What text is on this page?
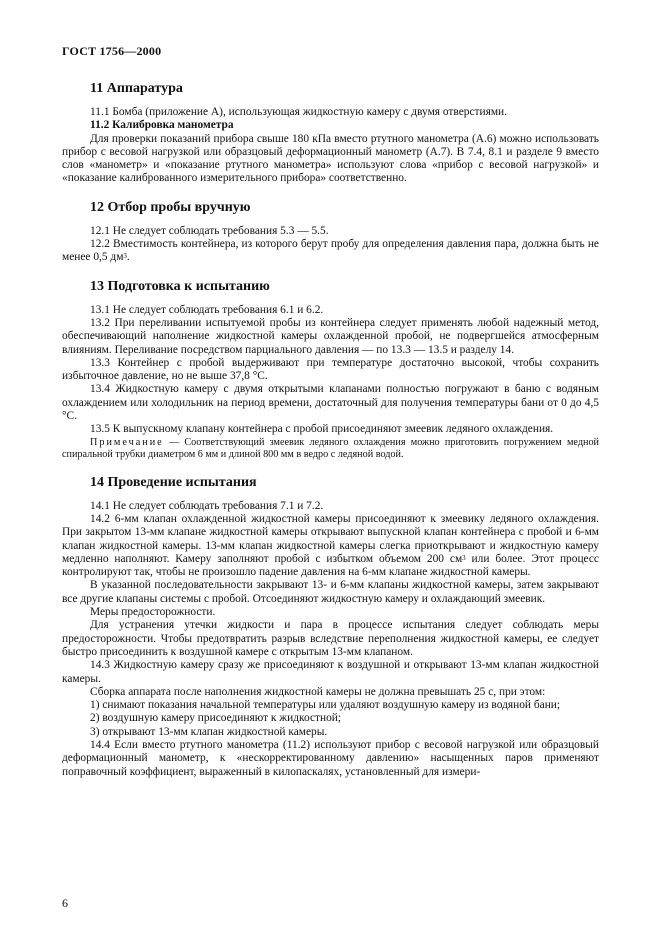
ГОСТ 1756—2000
11 Аппаратура

11.1 Бомба (приложение А), использующая жидкостную камеру с двумя отверстиями.

11.2 Калибровка манометра

Для проверки показаний прибора свыше 180 кПа вместо ртутного манометра (А.6) можно использовать прибор с весовой нагрузкой или образцовый деформационный манометр (А.7). В 7.4, 8.1 и разделе 9 вместо слов «манометр» и «показание ртутного манометра» используют слова «прибор с весовой нагрузкой» и «показание калиброванного измерительного прибора» соответственно.

12 Отбор пробы вручную

12.1 Не следует соблюдать требования 5.3 — 5.5.

12.2 Вместимость контейнера, из которого берут пробу для определения давления пара, должна быть не менее 0,5 $дм^3$.

13 Подготовка к испытанию

13.1 Не следует соблюдать требования 6.1 и 6.2.

13.2 При переливании испытуемой пробы из контейнера следует применять любой надежный метод, обеспечивающий наполнение жидкостной камеры охлажденной пробой, не подвергшейся атмосферным влияниям. Переливание посредством парциального давления — по 13.3 — 13.5 и разделу 14.

13.3 Контейнер с пробой выдерживают при температуре достаточно высокой, чтобы сохранить избыточное давление, но не выше 37,8 °С.

13.4 Жидкостную камеру с двумя открытыми клапанами полностью погружают в баню с водяным охлаждением или холодильник на период времени, достаточный для получения температуры бани от 0 до 4,5 °С.

13.5 К выпускному клапану контейнера с пробой присоединяют змеевик ледяного охлаждения.

Примечание — Соответствующий змеевик ледяного охлаждения можно приготовить погружением медной спиральной трубки диаметром 6 мм и длиной 800 мм в ведро с ледяной водой.

14 Проведение испытания

14.1 Не следует соблюдать требования 7.1 и 7.2.

14.2 6-мм клапан охлажденной жидкостной камеры присоединяют к змеевику ледяного охлаждения. При закрытом 13-мм клапане жидкостной камеры открывают выпускной клапан контейнера с пробой и 6-мм клапан жидкостной камеры. 13-мм клапан жидкостной камеры слегка приоткрывают и жидкостную камеру медленно наполняют. Камеру заполняют пробой с избытком объемом 200 $см^3$ или более. Этот процесс контролируют так, чтобы не произошло падение давления на 6-мм клапане жидкостной камеры.

В указанной последовательности закрывают 13- и 6-мм клапаны жидкостной камеры, затем закрывают все другие клапаны системы с пробой. Отсоединяют жидкостную камеру и охлаждающий змеевик.

Меры предосторожности.

Для устранения утечки жидкости и пара в процессе испытания следует соблюдать меры предосторожности. Чтобы предотвратить разрыв вследствие переполнения жидкостной камеры, ее следует быстро присоединить к воздушной камере с открытым 13-мм клапаном.

14.3 Жидкостную камеру сразу же присоединяют к воздушной и открывают 13-мм клапан жидкостной камеры.

Сборка аппарата после наполнения жидкостной камеры не должна превышать 25 с, при этом:

1) снимают показания начальной температуры или удаляют воздушную камеру из водяной бани;

2) воздушную камеру присоединяют к жидкостной;

3) открывают 13-мм клапан жидкостной камеры.

14.4 Если вместо ртутного манометра (11.2) используют прибор с весовой нагрузкой или образцовый деформационный манометр, к «нескорректированному давлению» насыщенных паров применяют поправочный коэффициент, выраженный в килопаскалях, установленный для измери-

6
